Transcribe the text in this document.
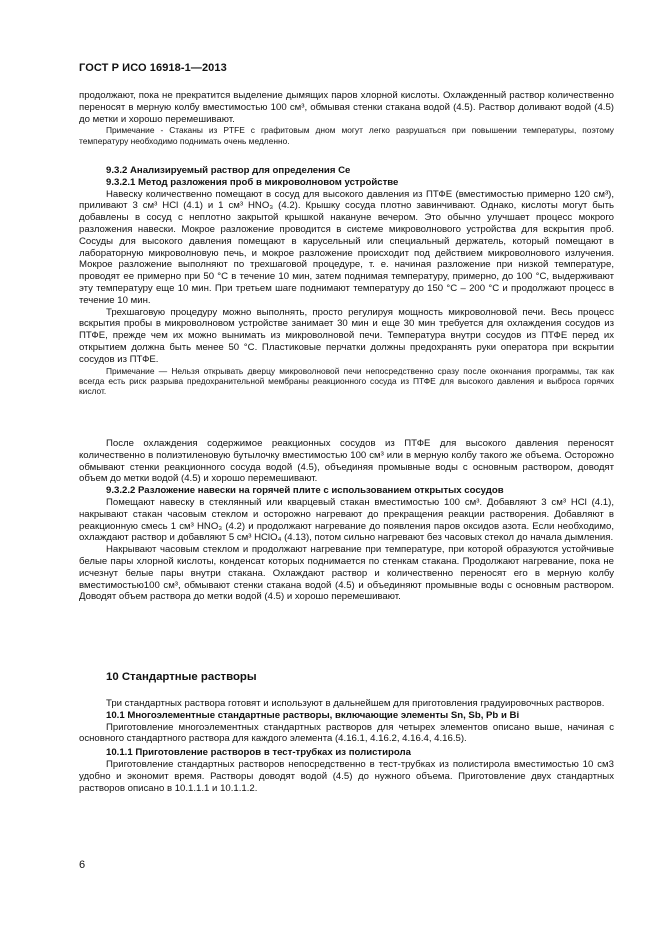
ГОСТ Р ИСО 16918-1—2013

продолжают, пока не прекратится выделение дымящих паров хлорной кислоты. Охлажденный раствор количественно переносят в мерную колбу вместимостью 100 см³, обмывая стенки стакана водой (4.5). Раствор доливают водой (4.5) до метки и хорошо перемешивают.

Примечание - Стаканы из PTFE с графитовым дном могут легко разрушаться при повышении температуры, поэтому температуру необходимо поднимать очень медленно.

9.3.2 Анализируемый раствор для определения Се

9.3.2.1 Метод разложения проб в микроволновом устройстве

Навеску количественно помещают в сосуд для высокого давления из ПТФЕ (вместимостью примерно 120 см³), приливают 3 см³ HCl (4.1) и 1 см³ HNO₃ (4.2). Крышку сосуда плотно завинчивают. Однако, кислоты могут быть добавлены в сосуд с неплотно закрытой крышкой накануне вечером. Это обычно улучшает процесс мокрого разложения навески. Мокрое разложение проводится в системе микроволнового устройства для вскрытия проб. Сосуды для высокого давления помещают в карусельный или специальный держатель, который помещают в лабораторную микроволновую печь, и мокрое разложение происходит под действием микроволнового излучения. Мокрое разложение выполняют по трехшаговой процедуре, т. е. начиная разложение при низкой температуре, проводят ее примерно при 50 °С в течение 10 мин, затем поднимая температуру, примерно, до 100 °С, выдерживают эту температуру еще 10 мин. При третьем шаге поднимают температуру до 150 °С – 200 °С и продолжают процесс в течение 10 мин.

Трехшаговую процедуру можно выполнять, просто регулируя мощность микроволновой печи. Весь процесс вскрытия пробы в микроволновом устройстве занимает 30 мин и еще 30 мин требуется для охлаждения сосудов из ПТФЕ, прежде чем их можно вынимать из микроволновой печи. Температура внутри сосудов из ПТФЕ перед их открытием должна быть менее 50 °С. Пластиковые перчатки должны предохранять руки оператора при вскрытии сосудов из ПТФЕ.

Примечание — Нельзя открывать дверцу микроволновой печи непосредственно сразу после окончания программы, так как всегда есть риск разрыва предохранительной мембраны реакционного сосуда из ПТФЕ для высокого давления и выброса горячих кислот.

После охлаждения содержимое реакционных сосудов из ПТФЕ для высокого давления переносят количественно в полиэтиленовую бутылочку вместимостью 100 см³ или в мерную колбу такого же объема. Осторожно обмывают стенки реакционного сосуда водой (4.5), объединяя промывные воды с основным раствором, доводят объем до метки водой (4.5) и хорошо перемешивают.

9.3.2.2 Разложение навески на горячей плите с использованием открытых сосудов

Помещают навеску в стеклянный или кварцевый стакан вместимостью 100 см³. Добавляют 3 см³ HCl (4.1), накрывают стакан часовым стеклом и осторожно нагревают до прекращения реакции растворения. Добавляют в реакционную смесь 1 см³ HNO₃ (4.2) и продолжают нагревание до появления паров оксидов азота. Если необходимо, охлаждают раствор и добавляют 5 см³ HClO₄ (4.13), потом сильно нагревают без часовых стекол до начала дымления.

Накрывают часовым стеклом и продолжают нагревание при температуре, при которой образуются устойчивые белые пары хлорной кислоты, конденсат которых поднимается по стенкам стакана. Продолжают нагревание, пока не исчезнут белые пары внутри стакана. Охлаждают раствор и количественно переносят его в мерную колбу вместимостью100 см³, обмывают стенки стакана водой (4.5) и объединяют промывные воды с основным раствором. Доводят объем раствора до метки водой (4.5) и хорошо перемешивают.

10 Стандартные растворы

Три стандартных раствора готовят и используют в дальнейшем для приготовления градуировочных растворов.

10.1 Многоэлементные стандартные растворы, включающие элементы Sn, Sb, Pb и Bi

Приготовление многоэлементных стандартных растворов для четырех элементов описано выше, начиная с основного стандартного раствора для каждого элемента (4.16.1, 4.16.2, 4.16.4, 4.16.5).

10.1.1 Приготовление растворов в тест-трубках из полистирола

Приготовление стандартных растворов непосредственно в тест-трубках из полистирола вместимостью 10 см3 удобно и экономит время. Растворы доводят водой (4.5) до нужного объема. Приготовление двух стандартных растворов описано в 10.1.1.1 и 10.1.1.2.

6
